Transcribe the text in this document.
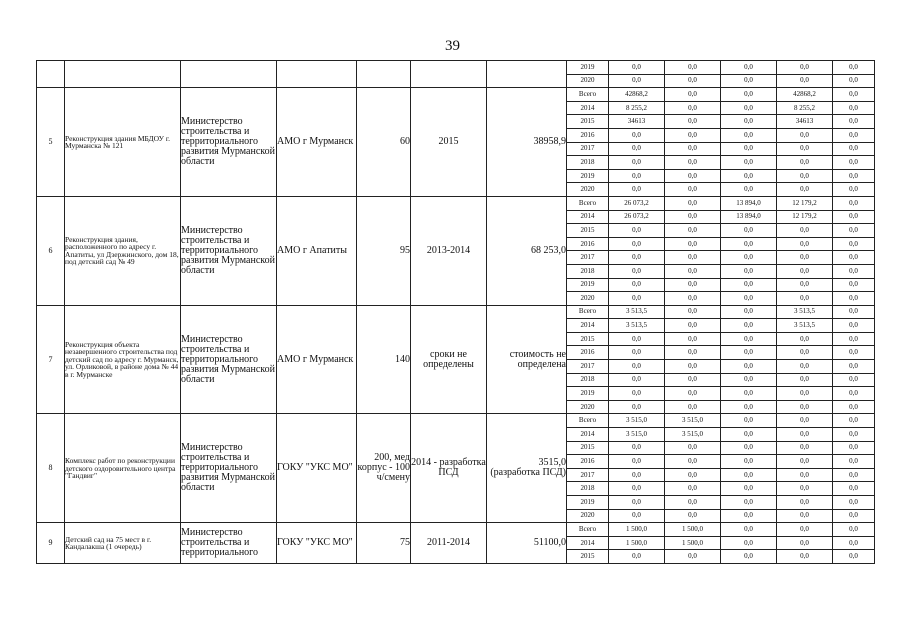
39
							2019	0,0	0,0	0,0	0,0	0,0
							2020	0,0	0,0	0,0	0,0	0,0
5	Реконструкция здания МБДОУ г. Мурманска № 121	Министерство строительства и территориального развития Мурманской области	АМО г Мурманск	60	2015	38958,9	Всего	42868,2	0,0	0,0	42868,2	0,0
							2014	8 255,2	0,0	0,0	8 255,2	0,0
							2015	34613	0,0	0,0	34613	0,0
							2016	0,0	0,0	0,0	0,0	0,0
							2017	0,0	0,0	0,0	0,0	0,0
							2018	0,0	0,0	0,0	0,0	0,0
							2019	0,0	0,0	0,0	0,0	0,0
							2020	0,0	0,0	0,0	0,0	0,0
6	Реконструкция здания, расположенного по адресу г. Апатиты, ул Дзержинского, дом 18, под детский сад № 49	Министерство строительства и территориального развития Мурманской области	АМО г Апатиты	95	2013-2014	68 253,0	Всего	26 073,2	0,0	13 894,0	12 179,2	0,0
							2014	26 073,2	0,0	13 894,0	12 179,2	0,0
							2015	0,0	0,0	0,0	0,0	0,0
							2016	0,0	0,0	0,0	0,0	0,0
							2017	0,0	0,0	0,0	0,0	0,0
							2018	0,0	0,0	0,0	0,0	0,0
							2019	0,0	0,0	0,0	0,0	0,0
							2020	0,0	0,0	0,0	0,0	0,0
7	Реконструкция объекта незавершенного строительства под детский сад по адресу г. Мурманск, ул. Орликовой, в районе дома № 44 в г. Мурманске	Министерство строительства и территориального развития Мурманской области	АМО г Мурманск	140	сроки не определены	стоимость не определена	Всего	3 513,5	0,0	0,0	3 513,5	0,0
							2014	3 513,5	0,0	0,0	3 513,5	0,0
							2015	0,0	0,0	0,0	0,0	0,0
							2016	0,0	0,0	0,0	0,0	0,0
							2017	0,0	0,0	0,0	0,0	0,0
							2018	0,0	0,0	0,0	0,0	0,0
							2019	0,0	0,0	0,0	0,0	0,0
							2020	0,0	0,0	0,0	0,0	0,0
8	Комплекс работ по реконструкции детского оздоровительного центра "Гандвиг"	Министерство строительства и территориального развития Мурманской области	ГОКУ "УКС МО"	200, мед корпус - 100 ч/смену	2014 - разработка ПСД	3515,0 (разработка ПСД)	Всего	3 515,0	3 515,0	0,0	0,0	0,0
							2014	3 515,0	3 515,0	0,0	0,0	0,0
							2015	0,0	0,0	0,0	0,0	0,0
							2016	0,0	0,0	0,0	0,0	0,0
							2017	0,0	0,0	0,0	0,0	0,0
							2018	0,0	0,0	0,0	0,0	0,0
							2019	0,0	0,0	0,0	0,0	0,0
							2020	0,0	0,0	0,0	0,0	0,0
9	Детский сад на 75 мест в г. Кандалакша (1 очередь)	Министерство строительства и территориального	ГОКУ "УКС МО"	75	2011-2014	51100,0	Всего	1 500,0	1 500,0	0,0	0,0	0,0
							2014	1 500,0	1 500,0	0,0	0,0	0,0
							2015	0,0	0,0	0,0	0,0	0,0
